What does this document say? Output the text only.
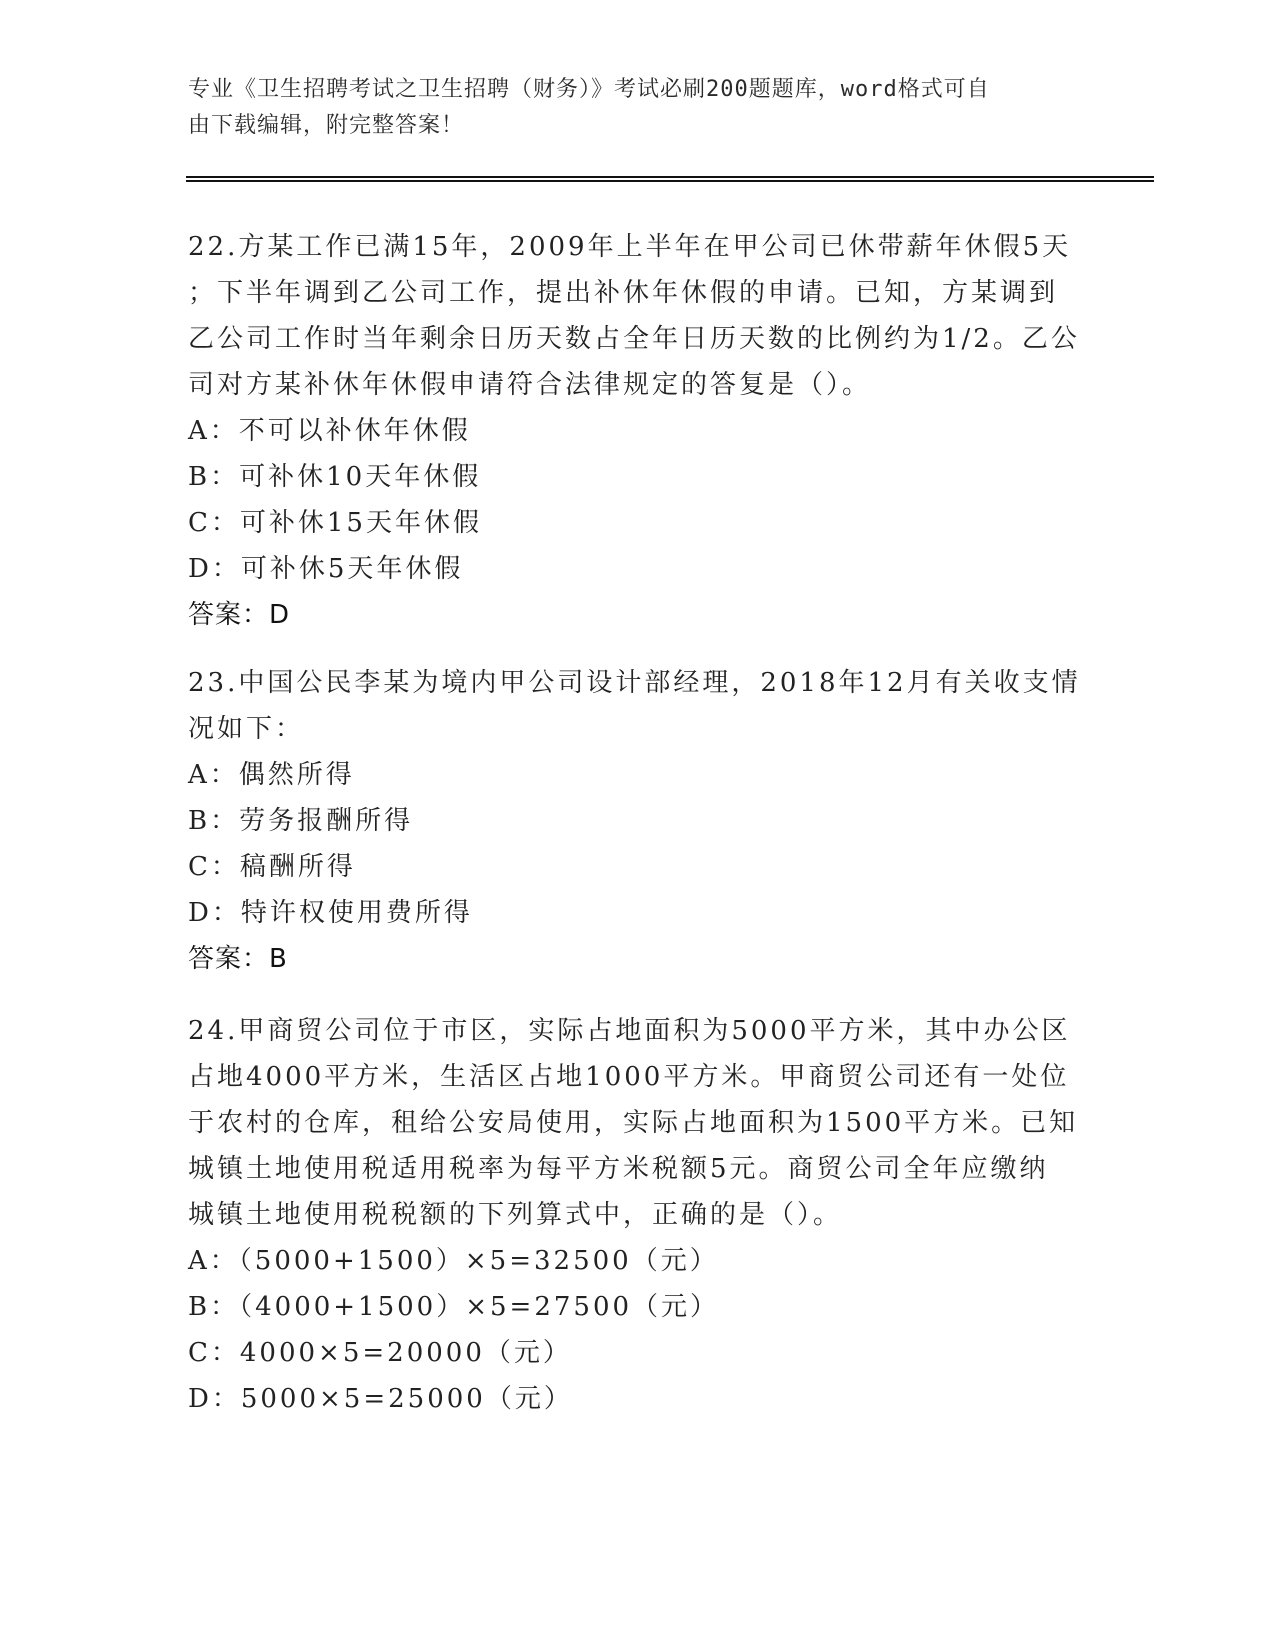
专业《卫生招聘考试之卫生招聘（财务）》考试必刷200题题库，word格式可自
由下载编辑，附完整答案！
22.方某工作已满15年，2009年上半年在甲公司已休带薪年休假5天
；下半年调到乙公司工作，提出补休年休假的申请。已知，方某调到
乙公司工作时当年剩余日历天数占全年日历天数的比例约为1/2。乙公
司对方某补休年休假申请符合法律规定的答复是（）。
A：不可以补休年休假
B：可补休10天年休假
C：可补休15天年休假
D：可补休5天年休假
答案：D
23.中国公民李某为境内甲公司设计部经理，2018年12月有关收支情
况如下：
A：偶然所得
B：劳务报酬所得
C：稿酬所得
D：特许权使用费所得
答案：B
24.甲商贸公司位于市区，实际占地面积为5000平方米，其中办公区
占地4000平方米，生活区占地1000平方米。甲商贸公司还有一处位
于农村的仓库，租给公安局使用，实际占地面积为1500平方米。已知
城镇土地使用税适用税率为每平方米税额5元。商贸公司全年应缴纳
城镇土地使用税税额的下列算式中，正确的是（）。
A：（5000+1500）×5=32500（元）
B：（4000+1500）×5=27500（元）
C：4000×5=20000（元）
D：5000×5=25000（元）
